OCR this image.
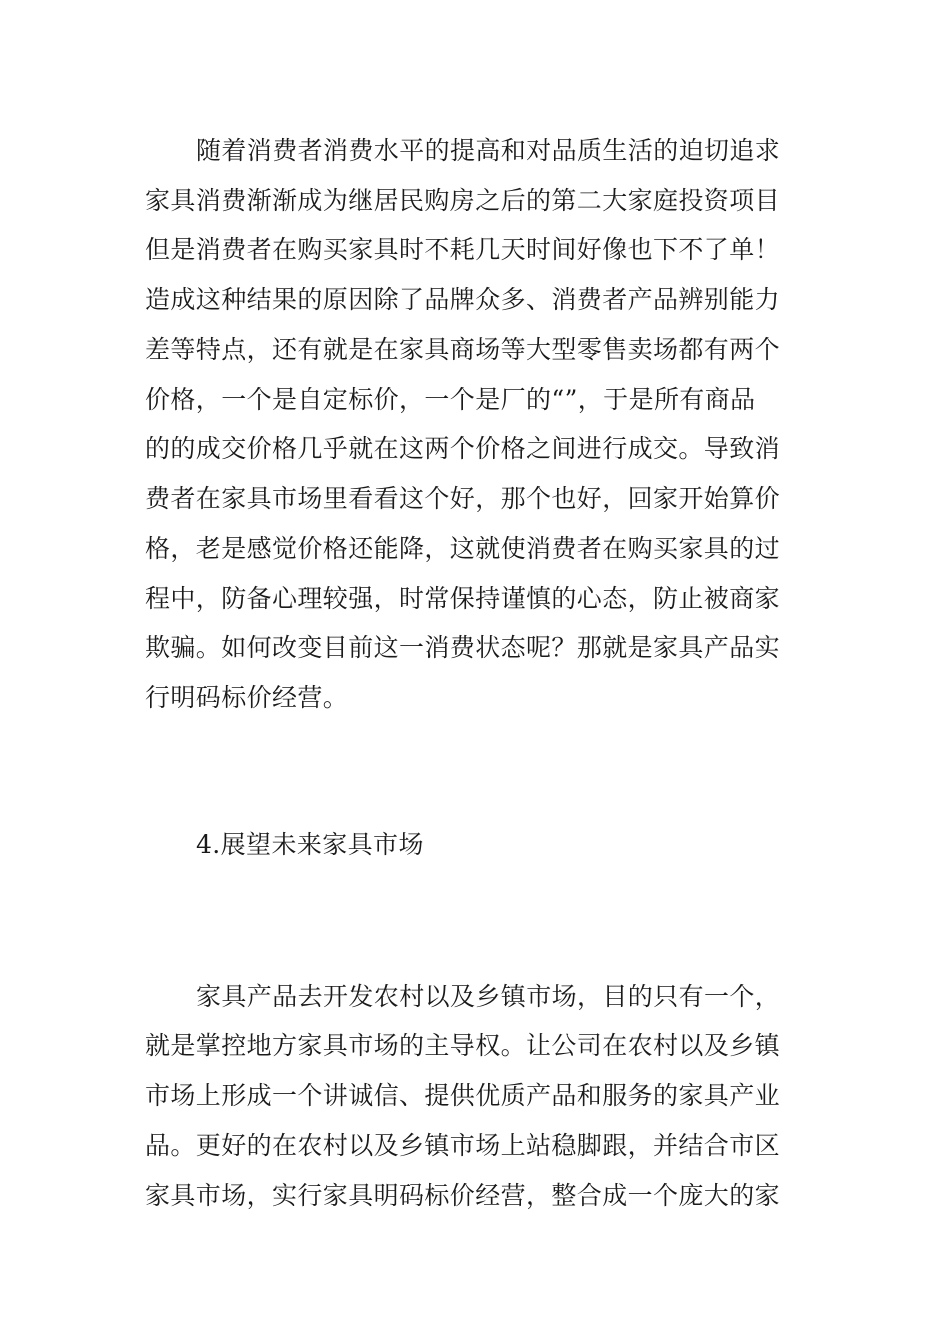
随着消费者消费水平的提高和对品质生活的迫切追求
家具消费渐渐成为继居民购房之后的第二大家庭投资项目
但是消费者在购买家具时不耗几天时间好像也下不了单！
造成这种结果的原因除了品牌众多、消费者产品辨别能力
差等特点，还有就是在家具商场等大型零售卖场都有两个
价格，一个是自定标价，一个是厂的“”，于是所有商品
的的成交价格几乎就在这两个价格之间进行成交。导致消
费者在家具市场里看看这个好，那个也好，回家开始算价
格，老是感觉价格还能降，这就使消费者在购买家具的过
程中，防备心理较强，时常保持谨慎的心态，防止被商家
欺骗。如何改变目前这一消费状态呢？那就是家具产品实
行明码标价经营。
4.展望未来家具市场
家具产品去开发农村以及乡镇市场，目的只有一个，
就是掌控地方家具市场的主导权。让公司在农村以及乡镇
市场上形成一个讲诚信、提供优质产品和服务的家具产业
品。更好的在农村以及乡镇市场上站稳脚跟，并结合市区
家具市场，实行家具明码标价经营，整合成一个庞大的家
